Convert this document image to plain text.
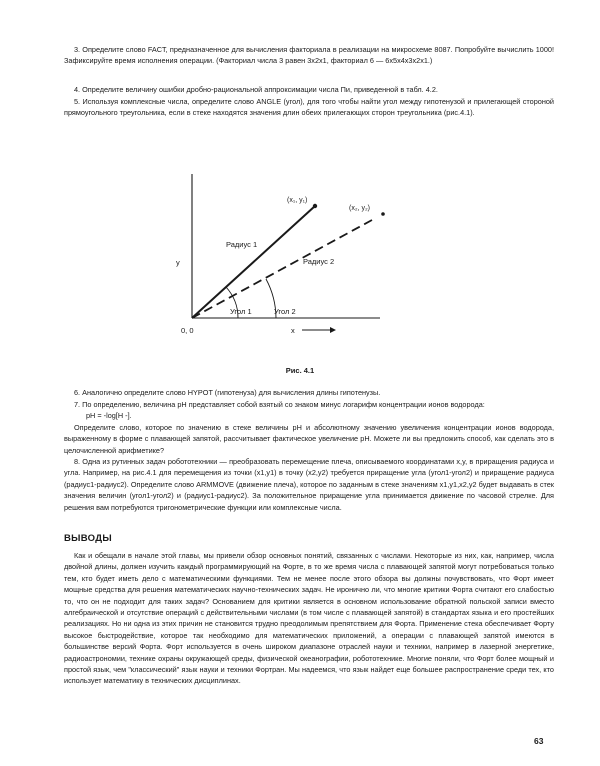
3. Определите слово FACT, предназначенное для вычисления факториала в реализации на микросхеме 8087. Попробуйте вычислить 1000! Зафиксируйте время исполнения операции. (Факториал числа 3 равен 3x2x1, факториал 6 — 6x5x4x3x2x1.)

4. Определите величину ошибки дробно-рациональной аппроксимации числа Пи, приведенной в табл. 4.2.

5. Используя комплексные числа, определите слово ANGLE (угол), для того чтобы найти угол между гипотенузой и прилегающей стороной прямоугольного треугольника, если в стеке находятся значения длин обеих прилегающих сторон треугольника (рис.4.1).

(x₁, y₁)
(x₂, y₂)
Радиус 1
Радиус 2
Угол 1	Угол 2
y
x
0, 0

Рис. 4.1

6. Аналогично определите слово HYPOT (гипотенуза) для вычисления длины гипотенузы.

7. По определению, величина pH представляет собой взятый со знаком минус логарифм концентрации ионов водорода:

pH = -log[H -].

Определите слово, которое по значению в стеке величины pH и абсолютному значению увеличения концентрации ионов водорода, выраженному в форме с плавающей запятой, рассчитывает фактическое увеличение pH. Можете ли вы предложить способ, как сделать это в целочисленной арифметике?

8. Одна из рутинных задач робототехники — преобразовать перемещение плеча, описываемого координатами x,y, в приращения радиуса и угла. Например, на рис.4.1 для перемещения из точки (x1,y1) в точку (x2,y2) требуется приращение угла (угол1-угол2) и приращение радиуса (радиус1-радиус2). Определите слово ARMMOVE (движение плеча), которое по заданным в стеке значениям x1,y1,x2,y2 будет выдавать в стек значения величин (угол1-угол2) и (радиус1-радиус2). За положительное приращение угла принимается движение по часовой стрелке. Для решения вам потребуются тригонометрические функции или комплексные числа.

ВЫВОДЫ

Как и обещали в начале этой главы, мы привели обзор основных понятий, связанных с числами. Некоторые из них, как, например, числа двойной длины, должен изучить каждый программирующий на Форте, в то же время числа с плавающей запятой могут потребоваться только тем, кто будет иметь дело с математическими функциями. Тем не менее после этого обзора вы должны почувствовать, что Форт имеет мощные средства для решения математических научно-технических задач. Не иронично ли, что многие критики Форта считают его слабостью то, что он не подходит для таких задач? Основанием для критики является в основном использование обратной польской записи вместо алгебраической и отсутствие операций с действительными числами (в том числе с плавающей запятой) в стандартах языка и его простейших реализациях. Но ни одна из этих причин не становится трудно преодолимым препятствием для Форта. Применение стека обеспечивает Форту высокое быстродействие, которое так необходимо для математических приложений, а операции с плавающей запятой имеются в большинстве версий Форта. Форт используется в очень широком диапазоне отраслей науки и техники, например в лазерной энергетике, радиоастрономии, технике охраны окружающей среды, физической океанографии, робототехнике. Многие поняли, что Форт более мощный и простой язык, чем "классический" язык науки и техники Фортран. Мы надеемся, что язык найдет еще большее распространение среди тех, кто использует математику в технических дисциплинах.

63
